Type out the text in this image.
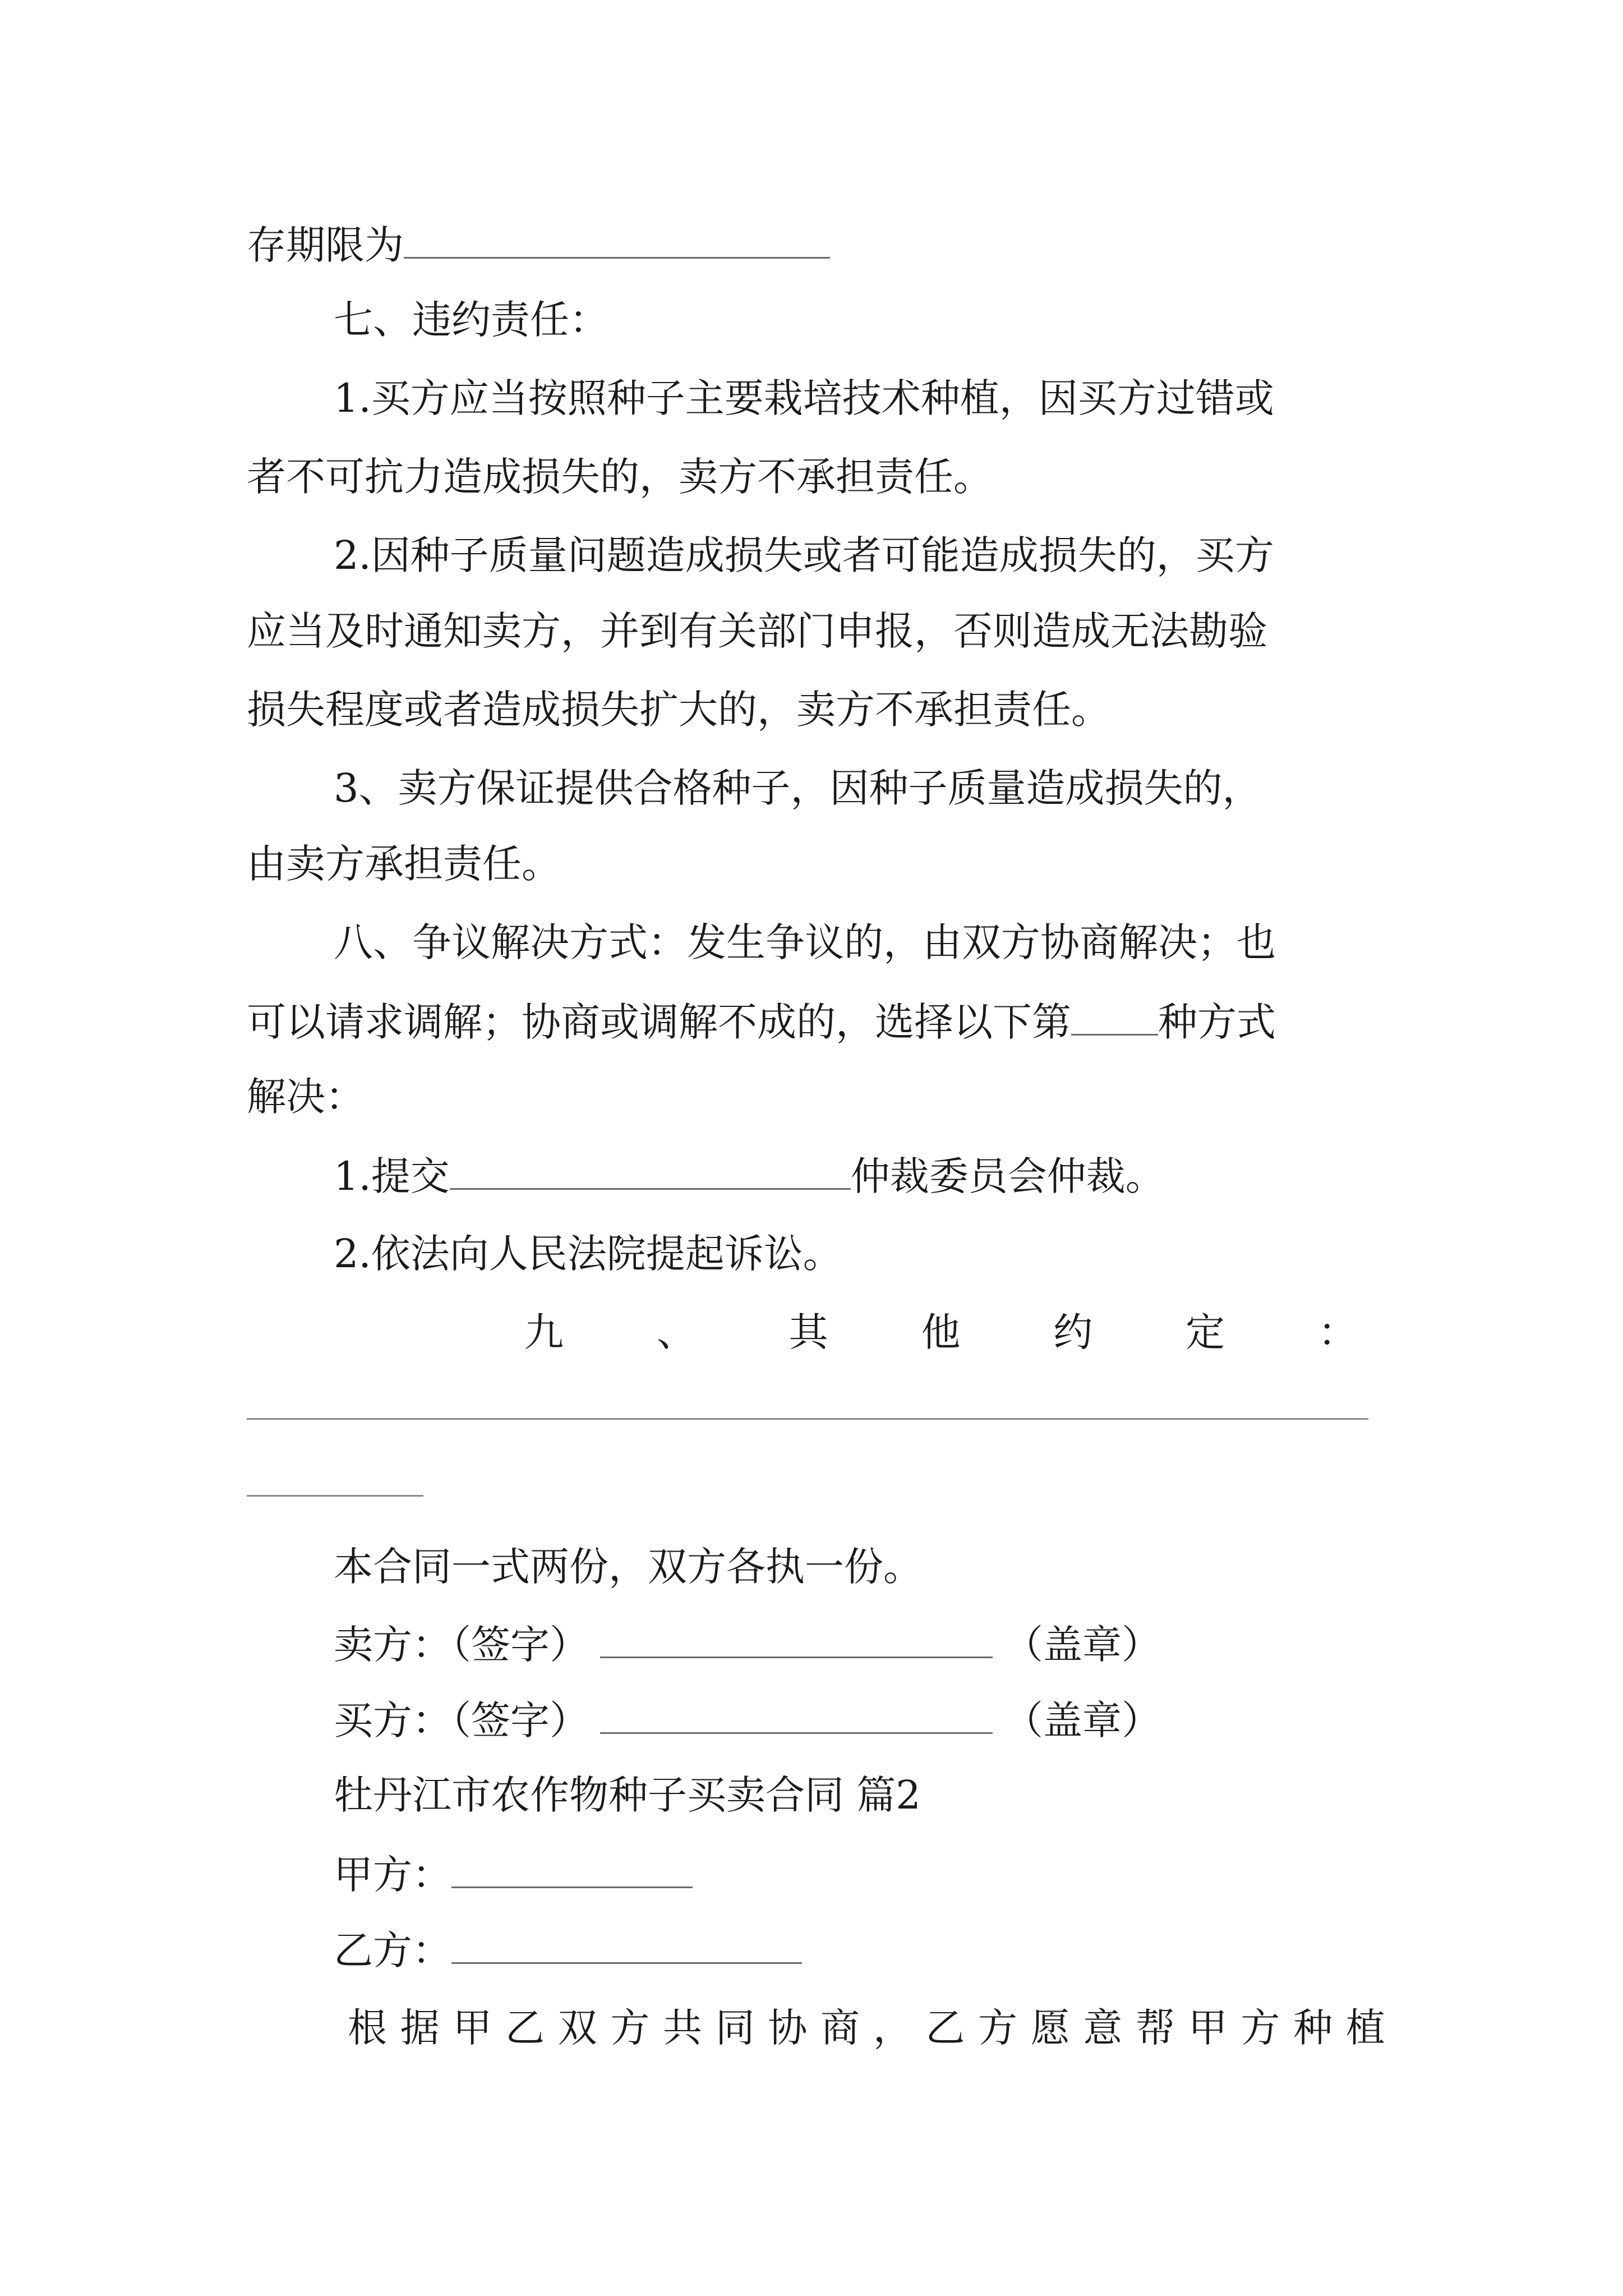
存期限为
七、违约责任：
1.买方应当按照种子主要栽培技术种植，因买方过错或
者不可抗力造成损失的，卖方不承担责任。
2.因种子质量问题造成损失或者可能造成损失的，买方
应当及时通知卖方，并到有关部门申报，否则造成无法勘验
损失程度或者造成损失扩大的，卖方不承担责任。
3、卖方保证提供合格种子，因种子质量造成损失的，
由卖方承担责任。
八、争议解决方式：发生争议的，由双方协商解决；也
可以请求调解；协商或调解不成的，选择以下第 种方式
解决：
1.提交	仲裁委员会仲裁。
2.依法向人民法院提起诉讼。
九 、 其 他 约 定 ：
本合同一式两份，双方各执一份。
卖方：（签字）	（盖章）
买方：（签字）	（盖章）
牡丹江市农作物种子买卖合同 篇2
甲方：
乙方：
根 据 甲 乙 双 方 共 同 协 商 ， 乙 方 愿 意 帮 甲 方 种 植
